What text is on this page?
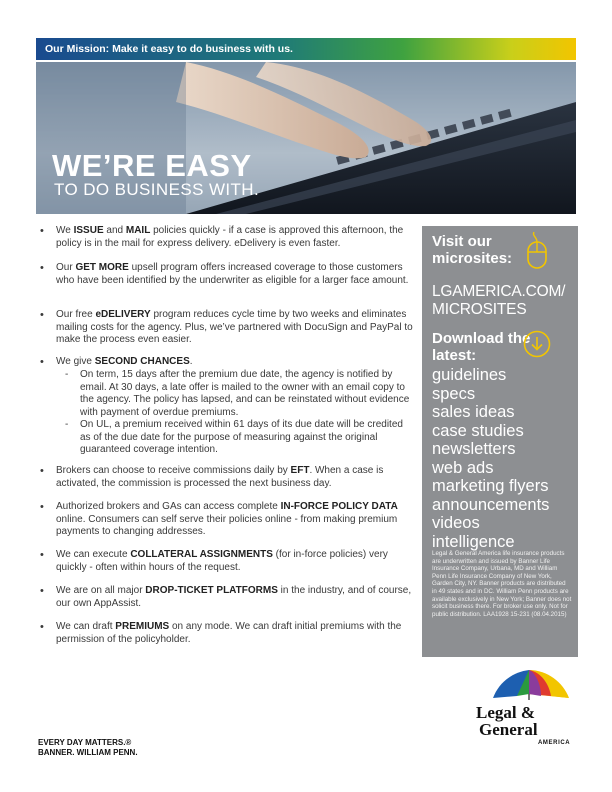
Our Mission: Make it easy to do business with us.
WE’RE EASY
TO DO BUSINESS WITH.
• We ISSUE and MAIL policies quickly - if a case is approved this afternoon, the policy is in the mail for express delivery. eDelivery is even faster.
• Our GET MORE upsell program offers increased coverage to those customers who have been identified by the underwriter as eligible for a larger face amount.
• Our free eDELIVERY program reduces cycle time by two weeks and eliminates mailing costs for the agency. Plus, we’ve partnered with DocuSign and PayPal to make the process even easier.
• We give SECOND CHANCES.
- On term, 15 days after the premium due date, the agency is notified by email. At 30 days, a late offer is mailed to the owner with an email copy to the agency. The policy has lapsed, and can be reinstated without evidence with payment of overdue premiums.
- On UL, a premium received within 61 days of its due date will be credited as of the due date for the purpose of measuring against the original guaranteed coverage intention.
• Brokers can choose to receive commissions daily by EFT. When a case is activated, the commission is processed the next business day.
• Authorized brokers and GAs can access complete IN-FORCE POLICY DATA online. Consumers can self serve their policies online - from making premium payments to changing addresses.
• We can execute COLLATERAL ASSIGNMENTS (for in-force policies) very quickly - often within hours of the request.
• We are on all major DROP-TICKET PLATFORMS in the industry, and of course, our own AppAssist.
• We can draft PREMIUMS on any mode. We can draft initial premiums with the permission of the policyholder.
Visit our microsites:
LGAMERICA.COM/ MICROSITES
Download the latest:
guidelines
specs
sales ideas
case studies
newsletters
web ads
marketing flyers
announcements
videos
intelligence
Legal & General America life insurance products are underwritten and issued by Banner Life Insurance Company, Urbana, MD and William Penn Life Insurance Company of New York, Garden City, NY. Banner products are distributed in 49 states and in DC. William Penn products are available exclusively in New York; Banner does not solicit business there. For broker use only. Not for public distribution. LAA1928 15-231 (08.04.2015)
EVERY DAY MATTERS.®
BANNER. WILLIAM PENN.
Legal &
General
AMERICA
